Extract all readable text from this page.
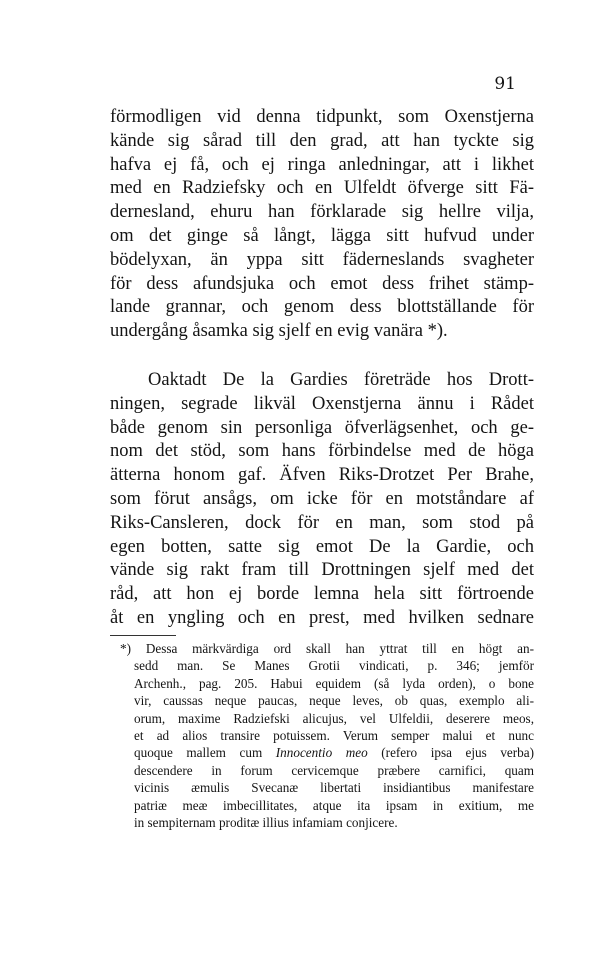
91
förmodligen vid denna tidpunkt, som Oxenstjerna
kände sig sårad till den grad, att han tyckte sig
hafva ej få, och ej ringa anledningar, att i likhet
med en Radziefsky och en Ulfeldt öfverge sitt Fä-
dernesland, ehuru han förklarade sig hellre vilja,
om det ginge så långt, lägga sitt hufvud under
bödelyxan, än yppa sitt fäderneslands svagheter
för dess afundsjuka och emot dess frihet stämp-
lande grannar, och genom dess blottställande för
undergång åsamka sig sjelf en evig vanära *).
Oaktadt De la Gardies företräde hos Drott-
ningen, segrade likväl Oxenstjerna ännu i Rådet
både genom sin personliga öfverlägsenhet, och ge-
nom det stöd, som hans förbindelse med de höga
ätterna honom gaf. Äfven Riks-Drotzet Per Brahe,
som förut ansågs, om icke för en motståndare af
Riks-Cansleren, dock för en man, som stod på
egen botten, satte sig emot De la Gardie, och
vände sig rakt fram till Drottningen sjelf med det
råd, att hon ej borde lemna hela sitt förtroende
åt en yngling och en prest, med hvilken sednare
*) Dessa märkvärdiga ord skall han yttrat till en högt an-
sedd man. Se Manes Grotii vindicati, p. 346; jemför
Archenh., pag. 205. Habui equidem (så lyda orden), o bone
vir, caussas neque paucas, neque leves, ob quas, exemplo ali-
orum, maxime Radziefski alicujus, vel Ulfeldii, deserere meos,
et ad alios transire potuissem. Verum semper malui et nunc
quoque mallem cum Innocentio meo (refero ipsa ejus verba)
descendere in forum cervicemque præbere carnifici, quam
vicinis æmulis Svecanæ libertati insidiantibus manifestare
patriæ meæ imbecillitates, atque ita ipsam in exitium, me
in sempiternam proditæ illius infamiam conjicere.
